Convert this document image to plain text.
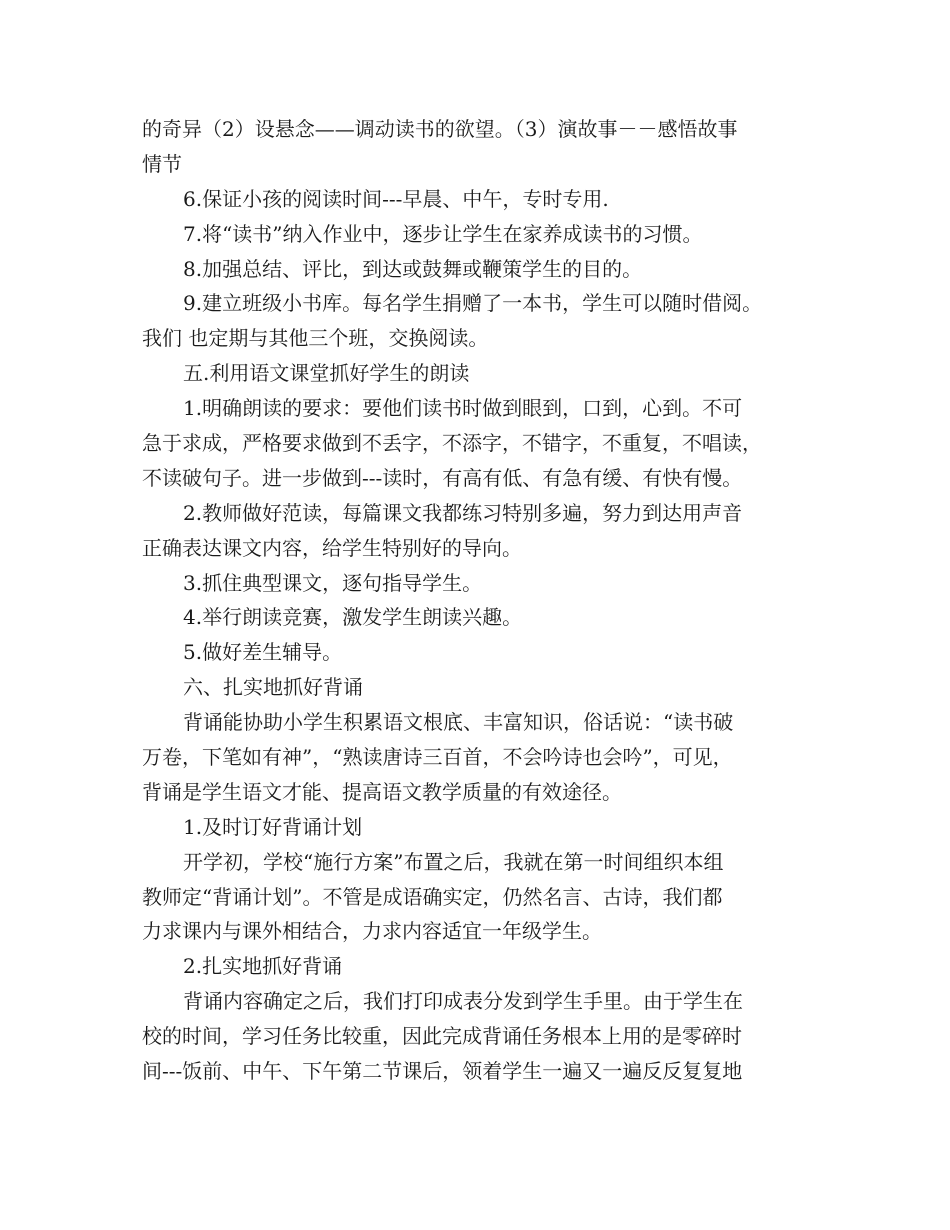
的奇异（2）设悬念——调动读书的欲望。（3）演故事－－感悟故事
情节
6.保证小孩的阅读时间---早晨、中午，专时专用.
7.将“读书”纳入作业中，逐步让学生在家养成读书的习惯。
8.加强总结、评比，到达或鼓舞或鞭策学生的目的。
9.建立班级小书库。每名学生捐赠了一本书，学生可以随时借阅。
我们 也定期与其他三个班，交换阅读。
五.利用语文课堂抓好学生的朗读
1.明确朗读的要求：要他们读书时做到眼到，口到，心到。不可
急于求成，严格要求做到不丢字，不添字，不错字，不重复，不唱读，
不读破句子。进一步做到---读时，有高有低、有急有缓、有快有慢。
2.教师做好范读，每篇课文我都练习特别多遍，努力到达用声音
正确表达课文内容，给学生特别好的导向。
3.抓住典型课文，逐句指导学生。
4.举行朗读竞赛，激发学生朗读兴趣。
5.做好差生辅导。
六、扎实地抓好背诵
背诵能协助小学生积累语文根底、丰富知识，俗话说：“读书破
万卷，下笔如有神”，“熟读唐诗三百首，不会吟诗也会吟”，可见，
背诵是学生语文才能、提高语文教学质量的有效途径。
1.及时订好背诵计划
开学初，学校“施行方案”布置之后，我就在第一时间组织本组
教师定“背诵计划”。不管是成语确实定，仍然名言、古诗，我们都
力求课内与课外相结合，力求内容适宜一年级学生。
2.扎实地抓好背诵
背诵内容确定之后，我们打印成表分发到学生手里。由于学生在
校的时间，学习任务比较重，因此完成背诵任务根本上用的是零碎时
间---饭前、中午、下午第二节课后，领着学生一遍又一遍反反复复地
